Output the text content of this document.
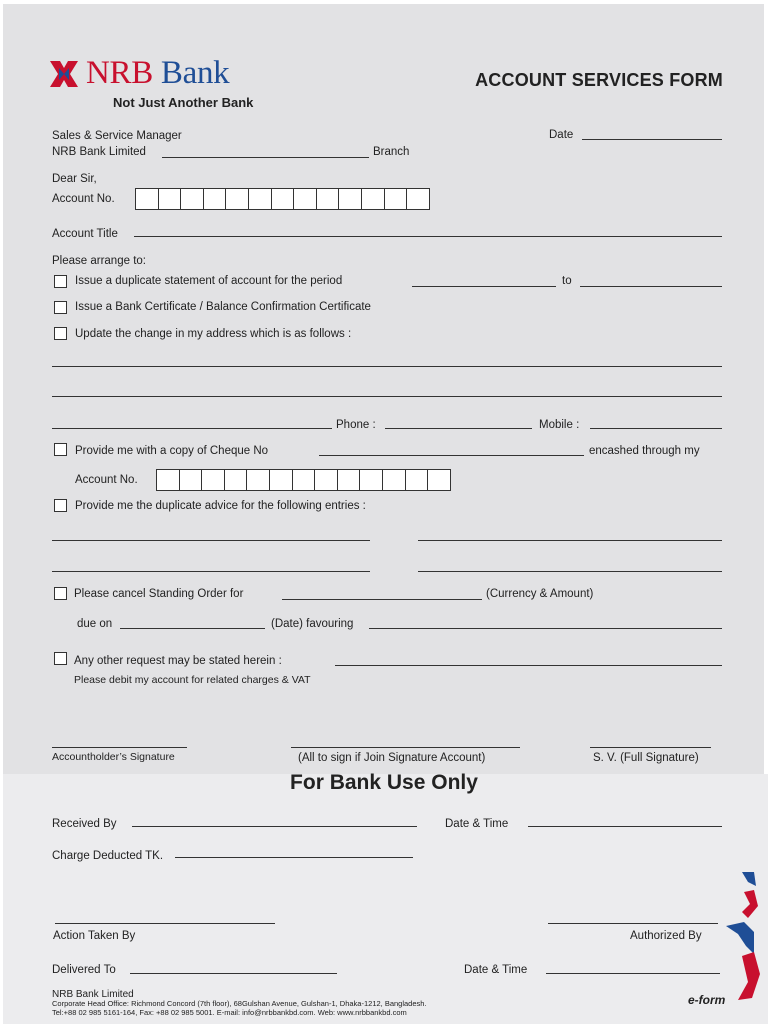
NRB Bank
Not Just Another Bank
ACCOUNT SERVICES FORM
Sales & Service Manager	Date
NRB Bank Limited	Branch
Dear Sir,
Account No.
Account Title
Please arrange to:
Issue a duplicate statement of account for the period	to
Issue a Bank Certificate / Balance Confirmation Certificate
Update the change in my address which is as follows :
Phone :	Mobile :
Provide me with a copy of Cheque No	encashed through my
Account No.
Provide me the duplicate advice for the following entries :
Please cancel Standing Order for	(Currency & Amount)
due on	(Date) favouring
Any other request may be stated herein :
Please debit my account for related charges & VAT
Accountholder’s Signature	(All to sign if Join Signature Account)	S. V. (Full Signature)
For Bank Use Only
Received By	Date & Time
Charge Deducted TK.
Action Taken By	Authorized By
Delivered To	Date & Time
NRB Bank Limited
Corporate Head Office: Richmond Concord (7th floor), 68Gulshan Avenue, Gulshan-1, Dhaka-1212, Bangladesh.
Tel:+88 02 985 5161-164, Fax: +88 02 985 5001. E-mail: info@nrbbankbd.com. Web: www.nrbbankbd.com
e-form
